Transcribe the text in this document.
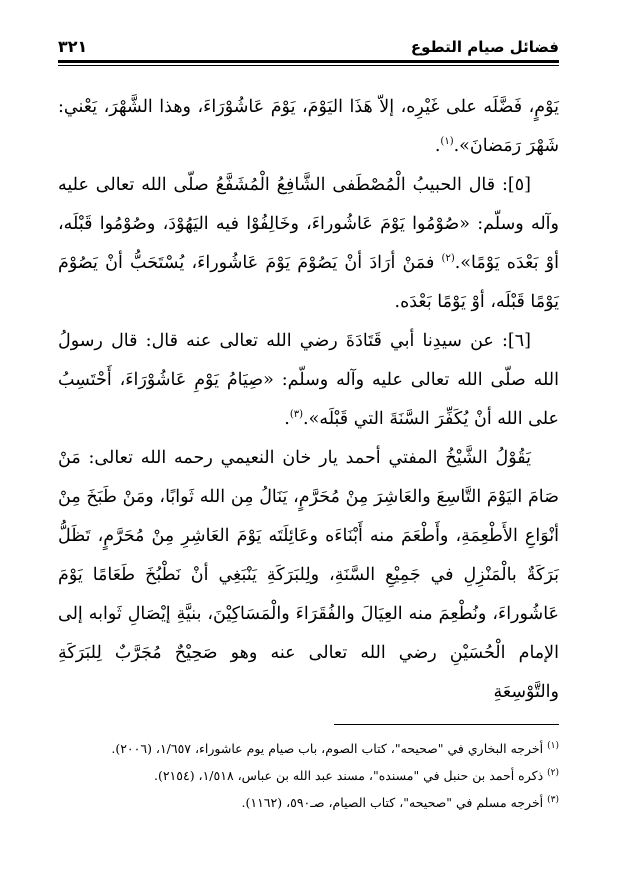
٣٢١	فضائل صيام التطوع

يَوْمٍ، فَضَّلَه على غَيْرِه، إلاّ هَذَا اليَوْمَ، يَوْمَ عَاشُوْرَاءَ، وهذا الشَّهْرَ، يَعْني: شَهْرَ رَمَضانَ».$^{(١)}$.

[٥]: قال الحبيبُ الْمُصْطَفى الشَّافِعُ الْمُشَفَّعُ صلّى الله تعالى عليه وآله وسلّم: «صُوْمُوا يَوْمَ عَاشُوراءَ، وخَالِفُوْا فيه اليَهُوْدَ، وصُوْمُوا قَبْلَه، أوْ بَعْدَه يَوْمًا».$^{(٢)}$ فمَنْ أرَادَ أنْ يَصُوْمَ يَوْمَ عَاشُوراءَ، يُسْتَحَبُّ أنْ يَصُوْمَ يَوْمًا قَبْلَه، أوْ يَوْمًا بَعْدَه.

[٦]: عن سيدِنا أبي قَتَادَةَ رضي الله تعالى عنه قال: قال رسولُ الله صلّى الله تعالى عليه وآله وسلّم: «صِيَامُ يَوْمِ عَاشُوْرَاءَ، أَحْتَسِبُ على الله أنْ يُكَفِّرَ السَّنَةَ التي قَبْلَه».$^{(٣)}$.

يَقُوْلُ الشَّيْخُ المفتي أحمد يار خان النعيمي رحمه الله تعالى: مَنْ صَامَ اليَوْمَ التَّاسِعَ والعَاشِرَ مِنْ مُحَرَّمٍ، يَنَالُ مِن الله ثَوابًا، ومَنْ طَبَخَ مِنْ أنْوَاعِ الأَطْعِمَةِ، وأَطْعَمَ منه أَبْنَاءَه وعَائِلَتَه يَوْمَ العَاشِرِ مِنْ مُحَرَّمٍ، تَظَلُّ بَرَكَةٌ بالْمَنْزِلِ في جَمِيْعِ السَّنَةِ، ولِلبَرَكَةِ يَنْبَغِي أنْ نَطْبُخَ طَعَامًا يَوْمَ عَاشُوراءَ، ونُطْعِمَ منه العِيَالَ والفُقَرَاءَ والْمَسَاكِيْنَ، بنيَّةِ إيْصَالِ ثَوابه إلى الإمام الْحُسَيْنِ رضي الله تعالى عنه وهو صَحِيْحٌ مُجَرَّبٌ لِلبَرَكَةِ والتَّوْسِعَةِ

$^{(١)}$ أخرجه البخاري في "صحيحه"، كتاب الصوم، باب صيام يوم عاشوراء، ١/٦٥٧، (٢٠٠٦).

$^{(٢)}$ ذكره أحمد بن حنبل في "مسنده"، مسند عبد الله بن عباس، ١/٥١٨، (٢١٥٤).

$^{(٣)}$ أخرجه مسلم في "صحيحه"، كتاب الصيام، صـ٥٩٠، (١١٦٢).
